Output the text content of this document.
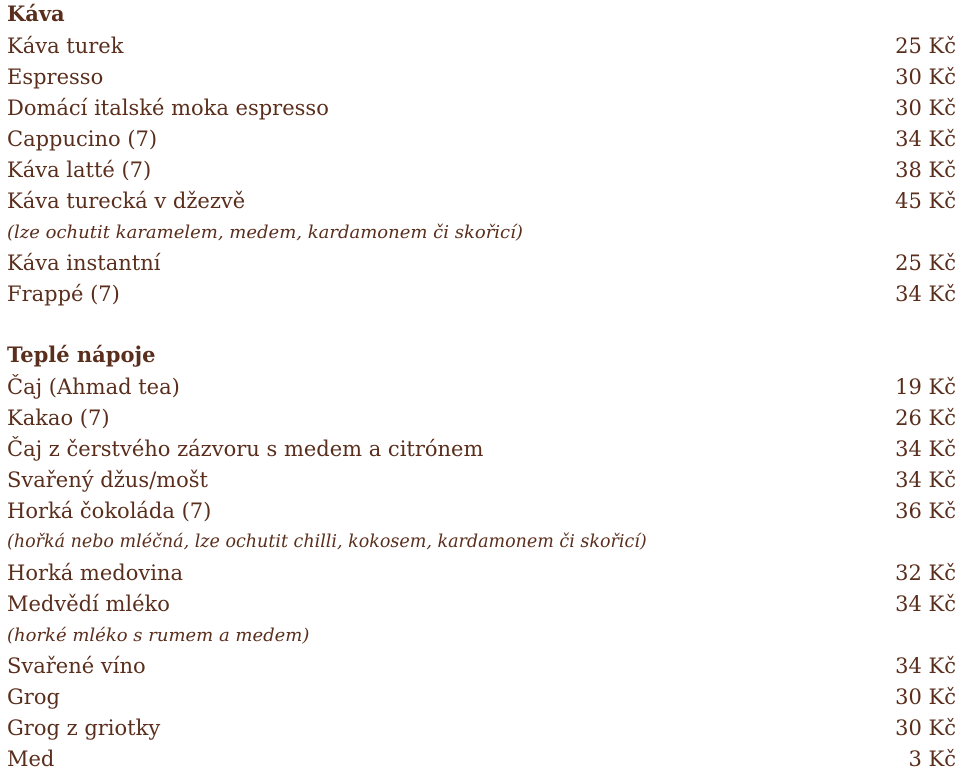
Káva
Káva turek	25 Kč
Espresso	30 Kč
Domácí italské moka espresso	30 Kč
Cappucino (7)	34 Kč
Káva latté (7)	38 Kč
Káva turecká v džezvě	45 Kč
(lze ochutit karamelem, medem, kardamonem či skořicí)
Káva instantní	25 Kč
Frappé (7)	34 Kč
Teplé nápoje
Čaj (Ahmad tea)	19 Kč
Kakao (7)	26 Kč
Čaj z čerstvého zázvoru s medem a citrónem	34 Kč
Svařený džus/mošt	34 Kč
Horká čokoláda (7)	36 Kč
(hořká nebo mléčná, lze ochutit chilli, kokosem, kardamonem či skořicí)
Horká medovina	32 Kč
Medvědí mléko	34 Kč
(horké mléko s rumem a medem)
Svařené víno	34 Kč
Grog	30 Kč
Grog z griotky	30 Kč
Med	3 Kč
